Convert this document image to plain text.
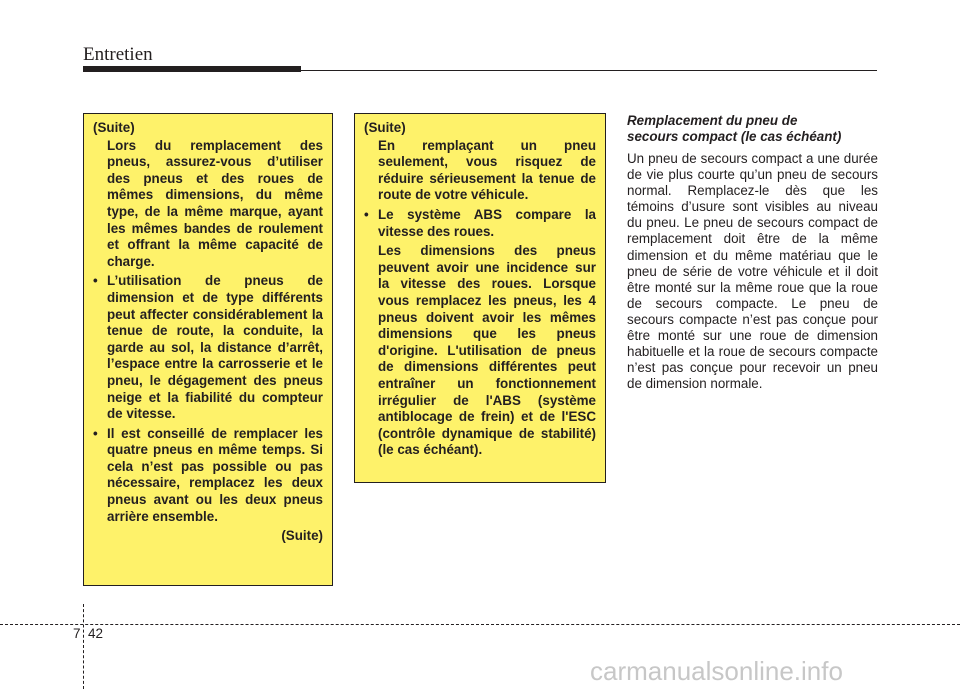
Entretien

(Suite)

Lors du remplacement des pneus, assurez-vous d’utiliser des pneus et des roues de mêmes dimensions, du même type, de la même marque, ayant les mêmes bandes de roulement et offrant la même capacité de charge.

• L’utilisation de pneus de dimension et de type différents peut affecter considérablement la tenue de route, la conduite, la garde au sol, la distance d’arrêt, l’espace entre la carrosserie et le pneu, le dégagement des pneus neige et la fiabilité du compteur de vitesse.

• Il est conseillé de remplacer les quatre pneus en même temps. Si cela n’est pas possible ou pas nécessaire, remplacez les deux pneus avant ou les deux pneus arrière ensemble.

(Suite)

(Suite)

En remplaçant un pneu seulement, vous risquez de réduire sérieusement la tenue de route de votre véhicule.

• Le système ABS compare la vitesse des roues.

Les dimensions des pneus peuvent avoir une incidence sur la vitesse des roues. Lorsque vous remplacez les pneus, les 4 pneus doivent avoir les mêmes dimensions que les pneus d'origine. L'utilisation de pneus de dimensions différentes peut entraîner un fonctionnement irrégulier de l'ABS (système antiblocage de frein) et de l'ESC (contrôle dynamique de stabilité) (le cas échéant).

Remplacement du pneu de
secours compact (le cas échéant)

Un pneu de secours compact a une durée de vie plus courte qu’un pneu de secours normal. Remplacez-le dès que les témoins d’usure sont visibles au niveau du pneu. Le pneu de secours compact de remplacement doit être de la même dimension et du même matériau que le pneu de série de votre véhicule et il doit être monté sur la même roue que la roue de secours compacte. Le pneu de secours compacte n’est pas conçue pour être monté sur une roue de dimension habituelle et la roue de secours compacte n’est pas conçue pour recevoir un pneu de dimension normale.

7 42
carmanualsonline.info
